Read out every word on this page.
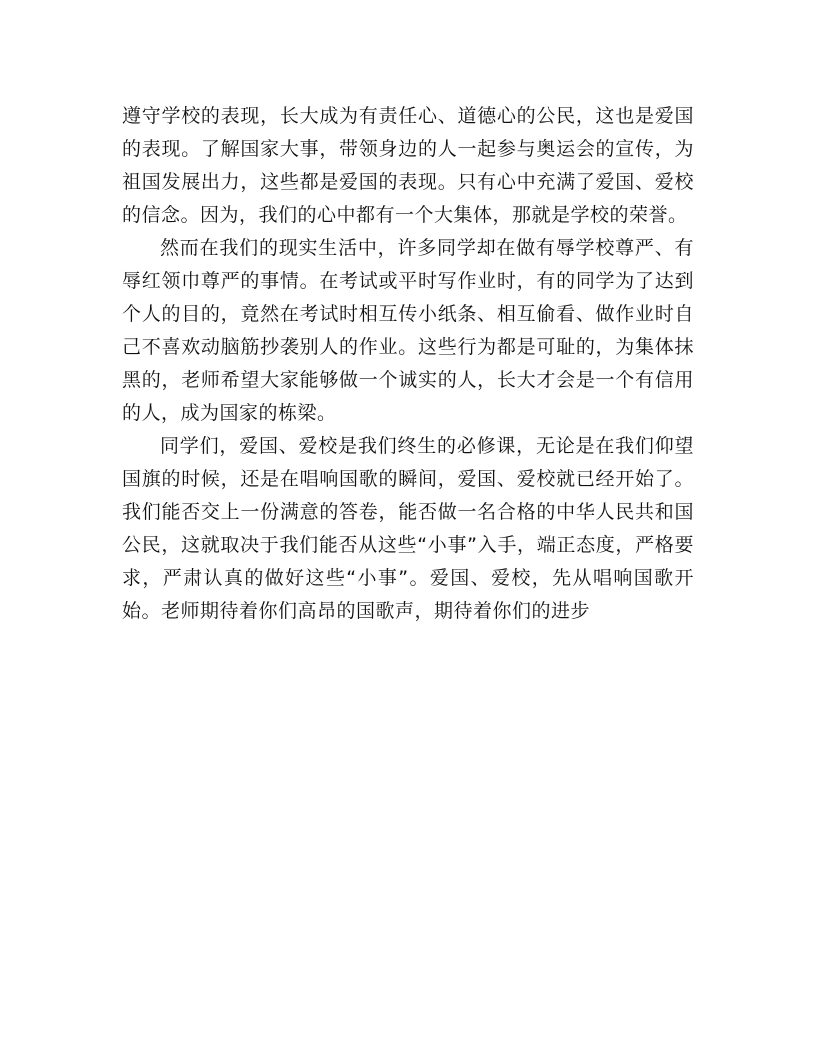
遵守学校的表现，长大成为有责任心、道德心的公民，这也是爱国的表现。了解国家大事，带领身边的人一起参与奥运会的宣传，为祖国发展出力，这些都是爱国的表现。只有心中充满了爱国、爱校的信念。因为，我们的心中都有一个大集体，那就是学校的荣誉。

然而在我们的现实生活中，许多同学却在做有辱学校尊严、有辱红领巾尊严的事情。在考试或平时写作业时，有的同学为了达到个人的目的，竟然在考试时相互传小纸条、相互偷看、做作业时自己不喜欢动脑筋抄袭别人的作业。这些行为都是可耻的，为集体抹黑的，老师希望大家能够做一个诚实的人，长大才会是一个有信用的人，成为国家的栋梁。

同学们，爱国、爱校是我们终生的必修课，无论是在我们仰望国旗的时候，还是在唱响国歌的瞬间，爱国、爱校就已经开始了。我们能否交上一份满意的答卷，能否做一名合格的中华人民共和国公民，这就取决于我们能否从这些“小事”入手，端正态度，严格要求，严肃认真的做好这些“小事”。爱国、爱校，先从唱响国歌开始。老师期待着你们高昂的国歌声，期待着你们的进步
